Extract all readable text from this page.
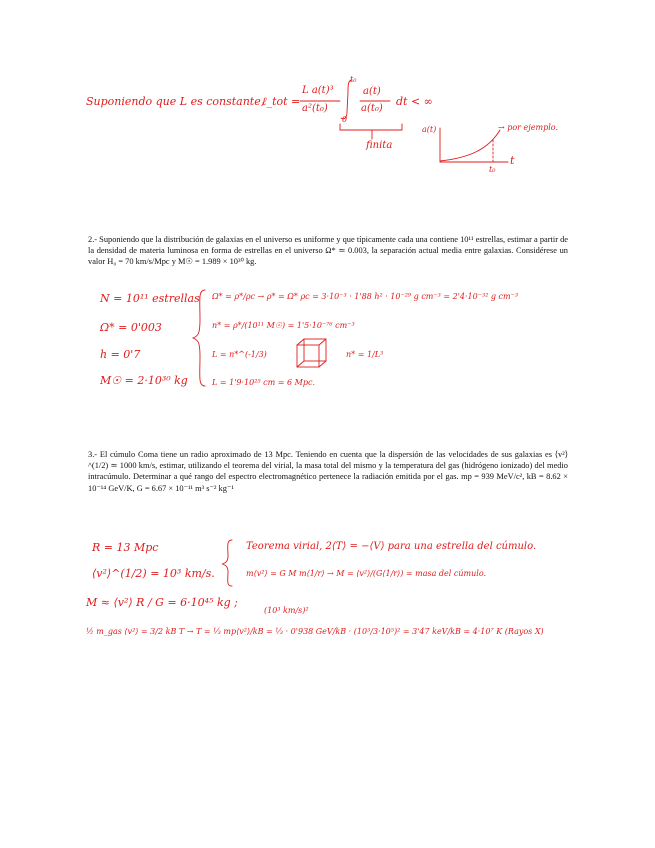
Suponiendo que L es constante,
ℓ_tot =
L a(t)³
a²(t₀)
t₀
0
a(t)
a(t₀)
dt < ∞
finita
a(t)	→ por ejemplo.
t₀
t

2.- Suponiendo que la distribución de galaxias en el universo es uniforme y que típicamente cada una contiene 10¹¹ estrellas, estimar a partir de la densidad de materia luminosa en forma de estrellas en el universo Ω* ≃ 0.003, la separación actual media entre galaxias. Considérese un valor H₀ = 70 km/s/Mpc y M☉ = 1.989 × 10³⁰ kg.

N = 10¹¹ estrellas
Ω* = 0'003
h = 0'7
M☉ = 2·10³⁰ kg
Ω* = ρ*/ρc → ρ* = Ω* ρc = 3·10⁻³ · 1'88 h² · 10⁻²⁹ g cm⁻³ = 2'4·10⁻³² g cm⁻³
n* = ρ*/(10¹¹ M☉) = 1'5·10⁻⁷⁶ cm⁻³
L = n*^(-1/3)	n* = 1/L³
L = 1'9·10²⁵ cm = 6 Mpc.

3.- El cúmulo Coma tiene un radio aproximado de 13 Mpc. Teniendo en cuenta que la dispersión de las velocidades de sus galaxias es ⟨v²⟩^(1/2) ≃ 1000 km/s, estimar, utilizando el teorema del virial, la masa total del mismo y la temperatura del gas (hidrógeno ionizado) del medio intracúmulo. Determinar a qué rango del espectro electromagnético pertenece la radiación emitida por el gas. mp = 939 MeV/c², kB = 8.62 × 10⁻¹⁴ GeV/K, G = 6.67 × 10⁻¹¹ m³ s⁻² kg⁻¹

R = 13 Mpc
⟨v²⟩^(1/2) = 10³ km/s.
Teorema virial, 2⟨T⟩ = −⟨V⟩ para una estrella del cúmulo.
m⟨v²⟩ = G M m⟨1/r⟩ → M = ⟨v²⟩/(G⟨1/r⟩) = masa del cúmulo.
M ≈ ⟨v²⟩ R / G = 6·10⁴⁵ kg ;
(10³ km/s)²
½ m_gas ⟨v²⟩ = 3/2 kB T → T = ⅓ mp⟨v²⟩/kB = ⅓ · 0'938 GeV/kB · (10³/3·10⁵)² = 3'47 keV/kB = 4·10⁷ K (Rayos X)
